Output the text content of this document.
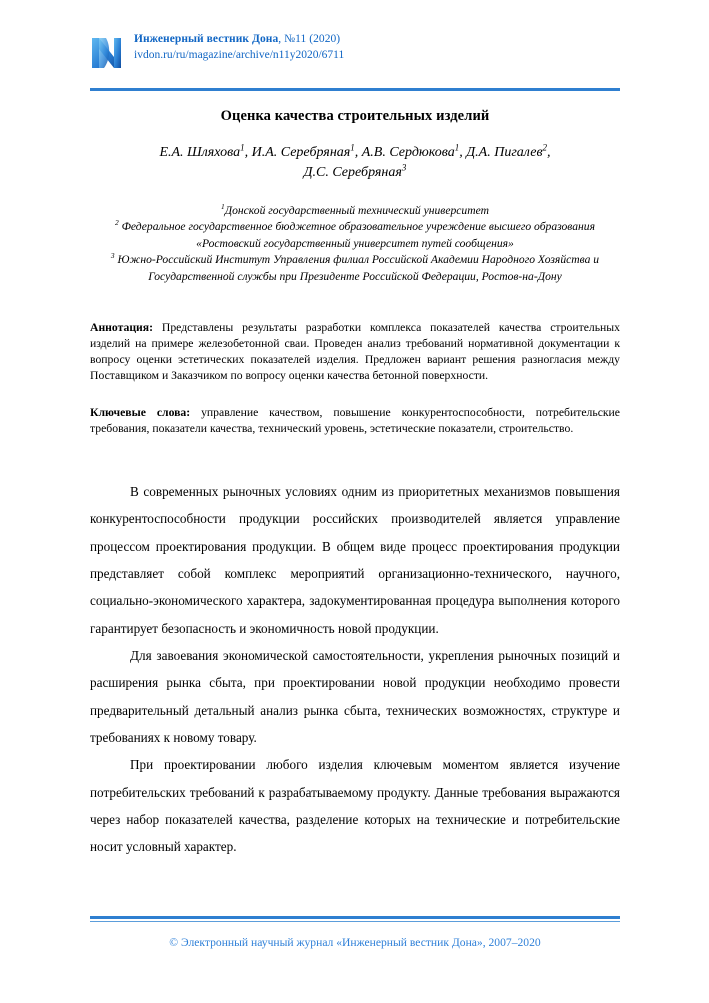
Инженерный вестник Дона, №11 (2020)
ivdon.ru/ru/magazine/archive/n11y2020/6711
Оценка качества строительных изделий
Е.А. Шляхова$^1$, И.А. Серебряная$^1$, А.В. Сердюкова$^1$, Д.А. Пигалев$^2$,
Д.С. Серебряная$^3$
$^1$Донской государственный технический университет
$^2$ Федеральное государственное бюджетное образовательное учреждение высшего образования «Ростовский государственный университет путей сообщения»
$^3$ Южно-Российский Институт Управления филиал Российской Академии Народного Хозяйства и Государственной службы при Президенте Российской Федерации, Ростов-на-Дону
Аннотация: Представлены результаты разработки комплекса показателей качества строительных изделий на примере железобетонной сваи. Проведен анализ требований нормативной документации к вопросу оценки эстетических показателей изделия. Предложен вариант решения разногласия между Поставщиком и Заказчиком по вопросу оценки качества бетонной поверхности.
Ключевые слова: управление качеством, повышение конкурентоспособности, потребительские требования, показатели качества, технический уровень, эстетические показатели, строительство.

В современных рыночных условиях одним из приоритетных механизмов повышения конкурентоспособности продукции российских производителей является управление процессом проектирования продукции. В общем виде процесс проектирования продукции представляет собой комплекс мероприятий организационно-технического, научного, социально-экономического характера, задокументированная процедура выполнения которого гарантирует безопасность и экономичность новой продукции.

Для завоевания экономической самостоятельности, укрепления рыночных позиций и расширения рынка сбыта, при проектировании новой продукции необходимо провести предварительный детальный анализ рынка сбыта, технических возможностях, структуре и требованиях к новому товару.

При проектировании любого изделия ключевым моментом является изучение потребительских требований к разрабатываемому продукту. Данные требования выражаются через набор показателей качества, разделение которых на технические и потребительские носит условный характер.

© Электронный научный журнал «Инженерный вестник Дона», 2007–2020
